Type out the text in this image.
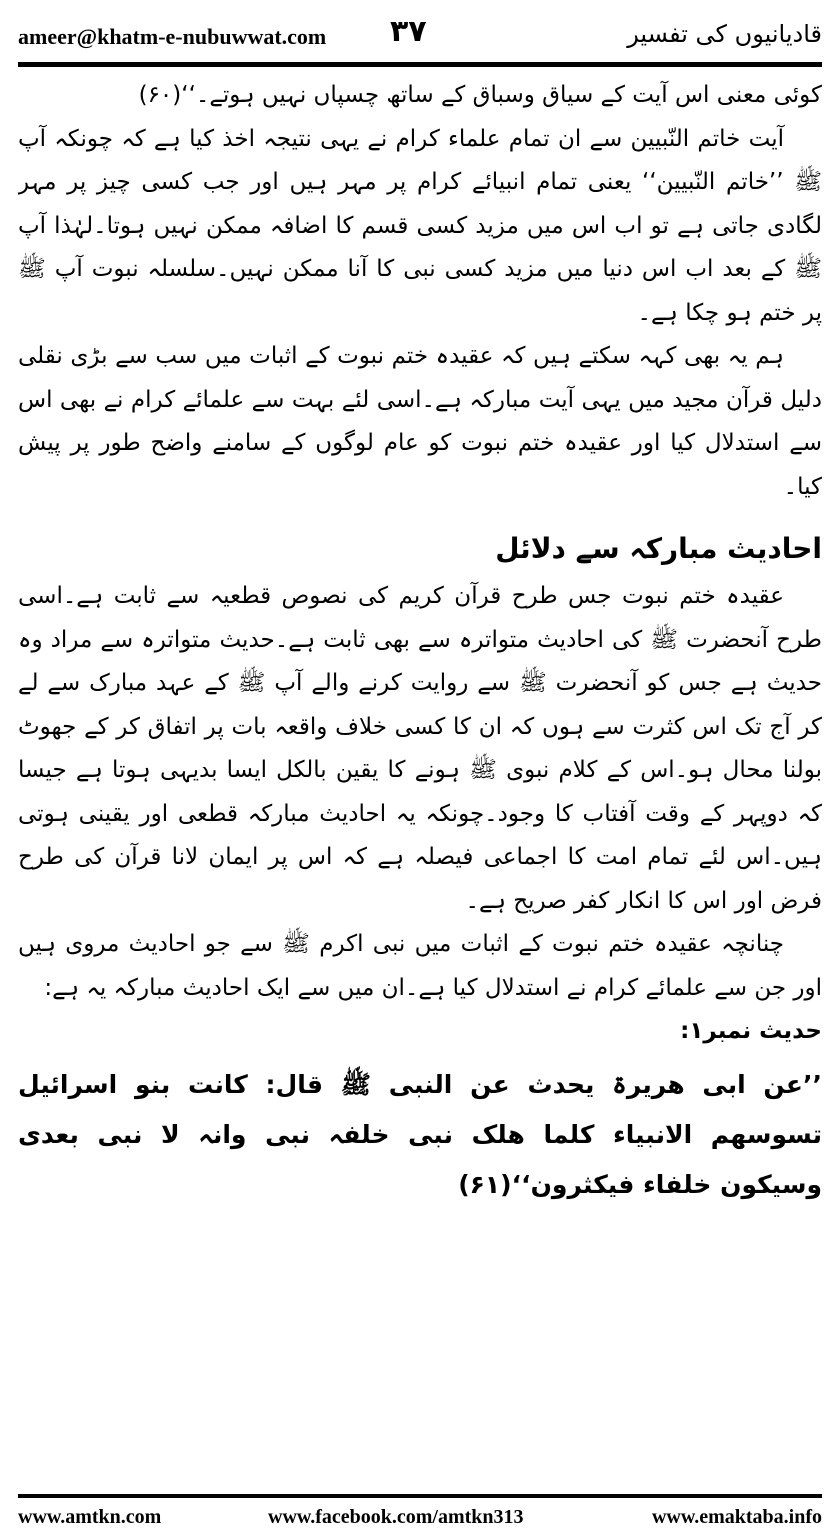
ameer@khatm-e-nubuwwat.com ۳۷	قادیانیوں کی تفسیر

کوئی معنی اس آیت کے سیاق وسباق کے ساتھ چسپاں نہیں ہوتے۔‘‘(۶۰)

آیت خاتم النّبیین سے ان تمام علماء کرام نے یہی نتیجہ اخذ کیا ہے کہ چونکہ آپ ﷺ ’’خاتم النّبیین‘‘ یعنی تمام انبیائے کرام پر مہر ہیں اور جب کسی چیز پر مہر لگادی جاتی ہے تو اب اس میں مزید کسی قسم کا اضافہ ممکن نہیں ہوتا۔لہٰذا آپ ﷺ کے بعد اب اس دنیا میں مزید کسی نبی کا آنا ممکن نہیں۔سلسلہ نبوت آپ ﷺ پر ختم ہو چکا ہے۔

ہم یہ بھی کہہ سکتے ہیں کہ عقیدہ ختم نبوت کے اثبات میں سب سے بڑی نقلی دلیل قرآن مجید میں یہی آیت مبارکہ ہے۔اسی لئے بہت سے علمائے کرام نے بھی اس سے استدلال کیا اور عقیدہ ختم نبوت کو عام لوگوں کے سامنے واضح طور پر پیش کیا۔

احادیث مبارکہ سے دلائل

عقیدہ ختم نبوت جس طرح قرآن کریم کی نصوص قطعیہ سے ثابت ہے۔اسی طرح آنحضرت ﷺ کی احادیث متواترہ سے بھی ثابت ہے۔حدیث متواترہ سے مراد وہ حدیث ہے جس کو آنحضرت ﷺ سے روایت کرنے والے آپ ﷺ کے عہد مبارک سے لے کر آج تک اس کثرت سے ہوں کہ ان کا کسی خلاف واقعہ بات پر اتفاق کر کے جھوٹ بولنا محال ہو۔اس کے کلام نبوی ﷺ ہونے کا یقین بالکل ایسا بدیہی ہوتا ہے جیسا کہ دوپہر کے وقت آفتاب کا وجود۔چونکہ یہ احادیث مبارکہ قطعی اور یقینی ہوتی ہیں۔اس لئے تمام امت کا اجماعی فیصلہ ہے کہ اس پر ایمان لانا قرآن کی طرح فرض اور اس کا انکار کفر صریح ہے۔

چنانچہ عقیدہ ختم نبوت کے اثبات میں نبی اکرم ﷺ سے جو احادیث مروی ہیں اور جن سے علمائے کرام نے استدلال کیا ہے۔ان میں سے ایک احادیث مبارکہ یہ ہے:

حدیث نمبر۱:

’’عن ابی ھریرۃ یحدث عن النبی ﷺ قال: کانت بنو اسرائیل تسوسھم الانبیاء کلما ھلک نبی خلفہ نبی وانہ لا نبی بعدی وسیکون خلفاء فیکثرون‘‘(۶۱)

www.amtkn.com	www.facebook.com/amtkn313	www.emaktaba.info
